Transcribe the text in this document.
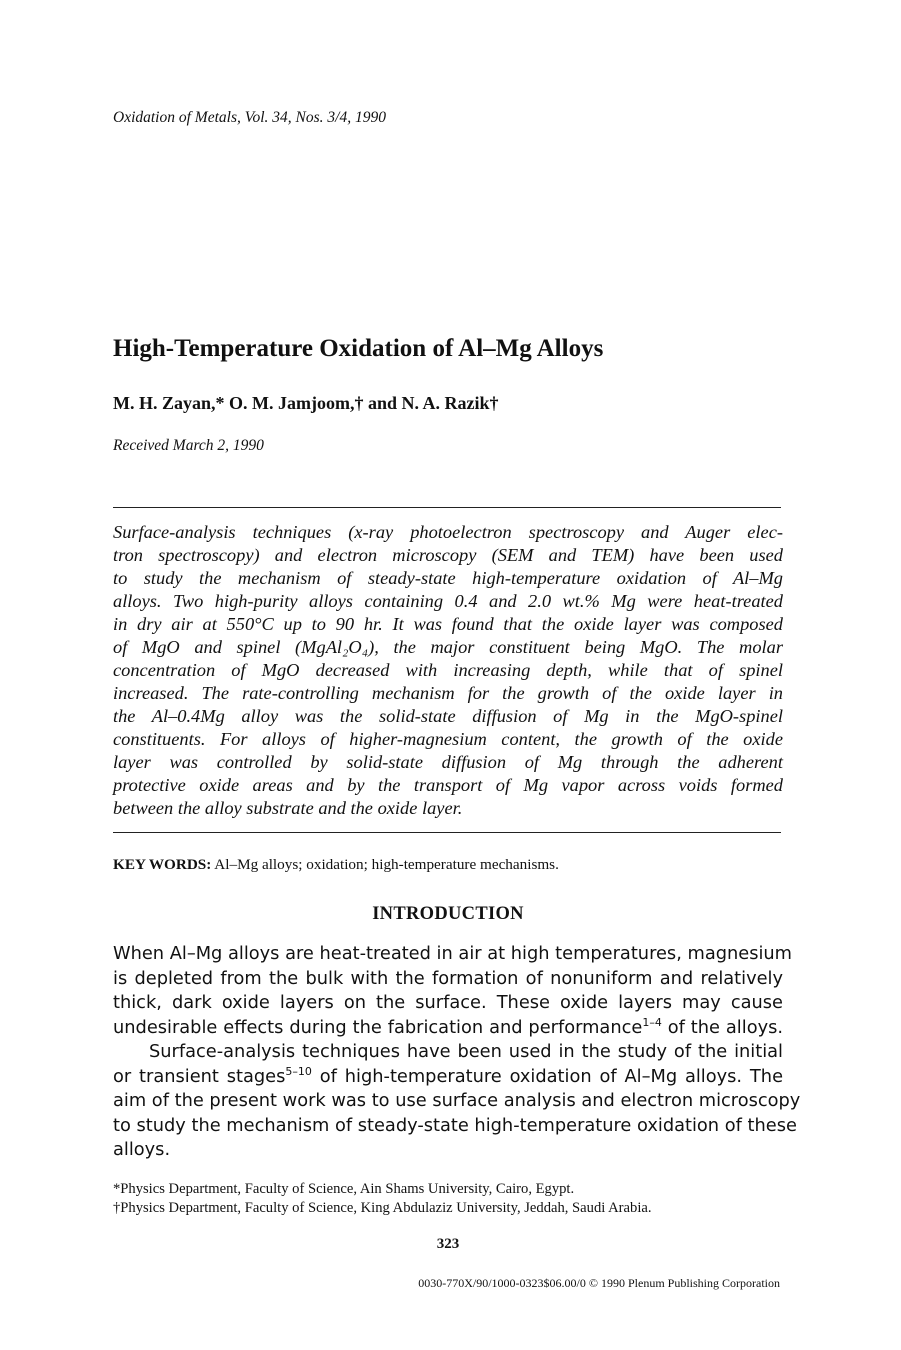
Oxidation of Metals, Vol. 34, Nos. 3/4, 1990
High-Temperature Oxidation of Al–Mg Alloys
M. H. Zayan,* O. M. Jamjoom,† and N. A. Razik†
Received March 2, 1990
Surface-analysis techniques (x-ray photoelectron spectroscopy and Auger elec-
tron spectroscopy) and electron microscopy (SEM and TEM) have been used
to study the mechanism of steady-state high-temperature oxidation of Al–Mg
alloys. Two high-purity alloys containing 0.4 and 2.0 wt.% Mg were heat-treated
in dry air at 550°C up to 90 hr. It was found that the oxide layer was composed
of MgO and spinel (MgAl₂O₄), the major constituent being MgO. The molar
concentration of MgO decreased with increasing depth, while that of spinel
increased. The rate-controlling mechanism for the growth of the oxide layer in
the Al–0.4Mg alloy was the solid-state diffusion of Mg in the MgO-spinel
constituents. For alloys of higher-magnesium content, the growth of the oxide
layer was controlled by solid-state diffusion of Mg through the adherent
protective oxide areas and by the transport of Mg vapor across voids formed
between the alloy substrate and the oxide layer.
KEY WORDS: Al–Mg alloys; oxidation; high-temperature mechanisms.
INTRODUCTION
When Al–Mg alloys are heat-treated in air at high temperatures, magnesium
is depleted from the bulk with the formation of nonuniform and relatively
thick, dark oxide layers on the surface. These oxide layers may cause
undesirable effects during the fabrication and performance$^{1-4}$ of the alloys.
Surface-analysis techniques have been used in the study of the initial
or transient stages$^{5-10}$ of high-temperature oxidation of Al–Mg alloys. The
aim of the present work was to use surface analysis and electron microscopy
to study the mechanism of steady-state high-temperature oxidation of these
alloys.
*Physics Department, Faculty of Science, Ain Shams University, Cairo, Egypt.
†Physics Department, Faculty of Science, King Abdulaziz University, Jeddah, Saudi Arabia.
323
0030-770X/90/1000-0323$06.00/0 © 1990 Plenum Publishing Corporation
